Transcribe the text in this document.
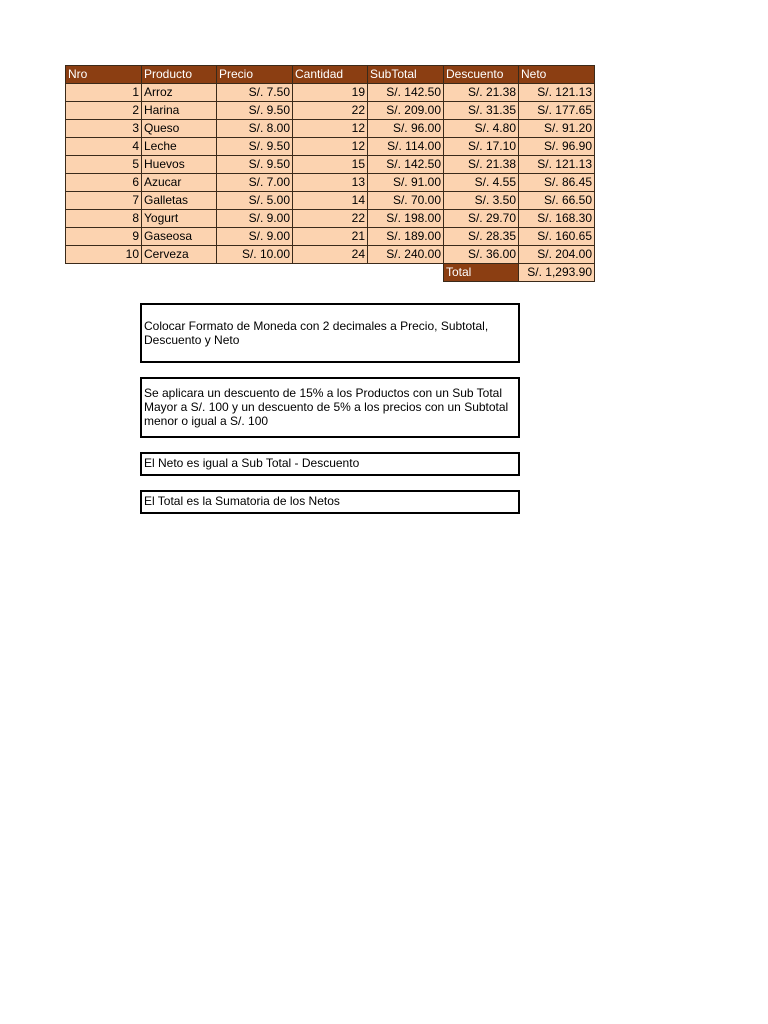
Nro	Producto	Precio	Cantidad	SubTotal	Descuento	Neto
1	Arroz	S/. 7.50	19	S/. 142.50	S/. 21.38	S/. 121.13
2	Harina	S/. 9.50	22	S/. 209.00	S/. 31.35	S/. 177.65
3	Queso	S/. 8.00	12	S/. 96.00	S/. 4.80	S/. 91.20
4	Leche	S/. 9.50	12	S/. 114.00	S/. 17.10	S/. 96.90
5	Huevos	S/. 9.50	15	S/. 142.50	S/. 21.38	S/. 121.13
6	Azucar	S/. 7.00	13	S/. 91.00	S/. 4.55	S/. 86.45
7	Galletas	S/. 5.00	14	S/. 70.00	S/. 3.50	S/. 66.50
8	Yogurt	S/. 9.00	22	S/. 198.00	S/. 29.70	S/. 168.30
9	Gaseosa	S/. 9.00	21	S/. 189.00	S/. 28.35	S/. 160.65
10	Cerveza	S/. 10.00	24	S/. 240.00	S/. 36.00	S/. 204.00
					Total	S/. 1,293.90
Colocar Formato de Moneda con 2 decimales a Precio, Subtotal, Descuento y Neto
Se aplicara un descuento de 15% a los Productos con un Sub Total Mayor a S/. 100 y un descuento de 5% a los precios con un Subtotal menor o igual a S/. 100
El Neto es igual a Sub Total - Descuento
El Total es la Sumatoria de los Netos
